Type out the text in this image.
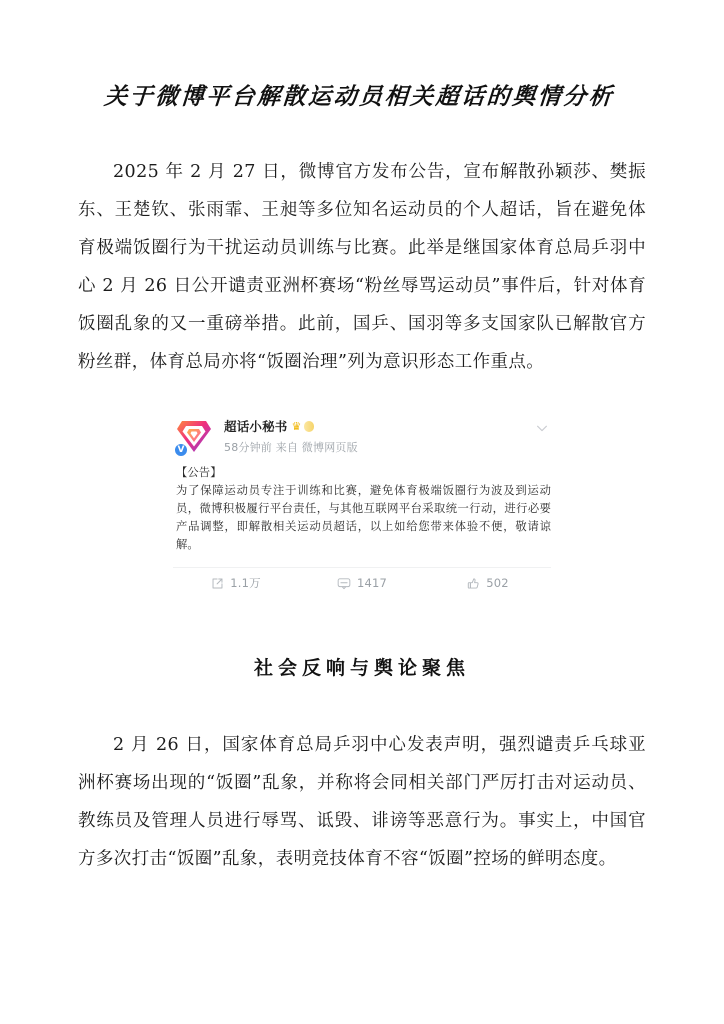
关于微博平台解散运动员相关超话的舆情分析

2025 年 2 月 27 日，微博官方发布公告，宣布解散孙颖莎、樊振东、王楚钦、张雨霏、王昶等多位知名运动员的个人超话，旨在避免体育极端饭圈行为干扰运动员训练与比赛。此举是继国家体育总局乒羽中心 2 月 26 日公开谴责亚洲杯赛场“粉丝辱骂运动员”事件后，针对体育饭圈乱象的又一重磅举措。此前，国乒、国羽等多支国家队已解散官方粉丝群，体育总局亦将“饭圈治理”列为意识形态工作重点。

V
超话小秘书 ♛
58分钟前 来自 微博网页版
【公告】
为了保障运动员专注于训练和比赛，避免体育极端饭圈行为波及到运动员，微博积极履行平台责任，与其他互联网平台采取统一行动，进行必要产品调整，即解散相关运动员超话，以上如给您带来体验不便，敬请谅解。
1.1万	1417	502
社会反响与舆论聚焦

2 月 26 日，国家体育总局乒羽中心发表声明，强烈谴责乒乓球亚洲杯赛场出现的“饭圈”乱象，并称将会同相关部门严厉打击对运动员、教练员及管理人员进行辱骂、诋毁、诽谤等恶意行为。事实上，中国官方多次打击“饭圈”乱象，表明竞技体育不容“饭圈”控场的鲜明态度。
